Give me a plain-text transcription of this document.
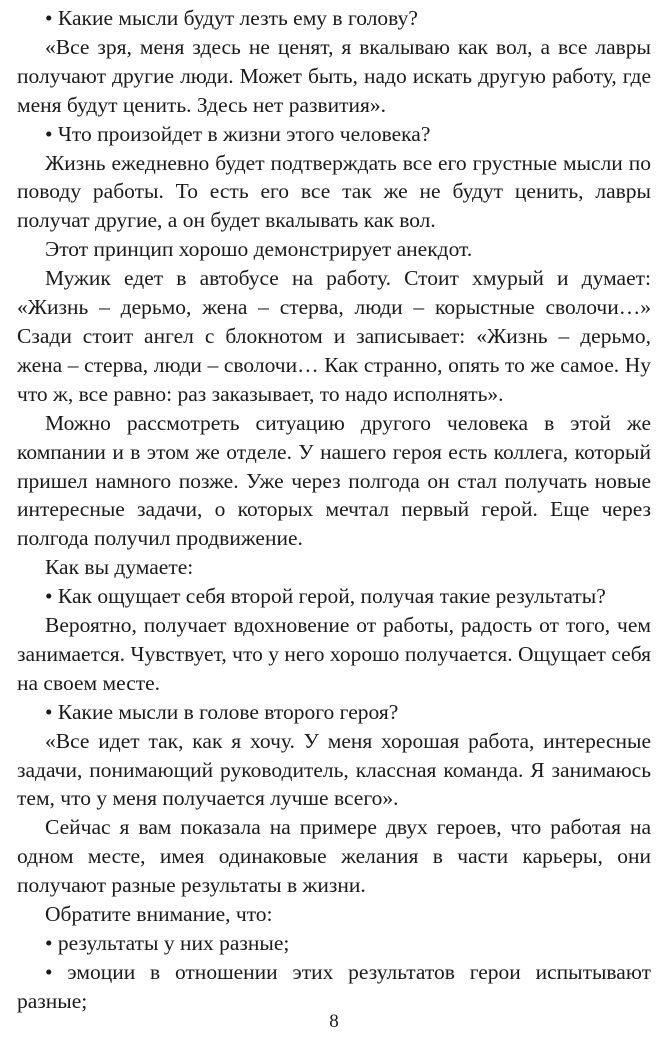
• Какие мысли будут лезть ему в голову?

«Все зря, меня здесь не ценят, я вкалываю как вол, а все лавры получают другие люди. Может быть, надо искать другую работу, где меня будут ценить. Здесь нет развития».

• Что произойдет в жизни этого человека?

Жизнь ежедневно будет подтверждать все его грустные мысли по поводу работы. То есть его все так же не будут ценить, лавры получат другие, а он будет вкалывать как вол.

Этот принцип хорошо демонстрирует анекдот.

Мужик едет в автобусе на работу. Стоит хмурый и думает: «Жизнь – дерьмо, жена – стерва, люди – корыстные сволочи…» Сзади стоит ангел с блокнотом и записывает: «Жизнь – дерьмо, жена – стерва, люди – сволочи… Как странно, опять то же самое. Ну что ж, все равно: раз заказывает, то надо исполнять».

Можно рассмотреть ситуацию другого человека в этой же компании и в этом же отделе. У нашего героя есть коллега, который пришел намного позже. Уже через полгода он стал получать новые интересные задачи, о которых мечтал первый герой. Еще через полгода получил продвижение.

Как вы думаете:

• Как ощущает себя второй герой, получая такие результаты?

Вероятно, получает вдохновение от работы, радость от того, чем занимается. Чувствует, что у него хорошо получается. Ощущает себя на своем месте.

• Какие мысли в голове второго героя?

«Все идет так, как я хочу. У меня хорошая работа, интересные задачи, понимающий руководитель, классная команда. Я занимаюсь тем, что у меня получается лучше всего».

Сейчас я вам показала на примере двух героев, что работая на одном месте, имея одинаковые желания в части карьеры, они получают разные результаты в жизни.

Обратите внимание, что:

• результаты у них разные;

• эмоции в отношении этих результатов герои испытывают разные;

8
